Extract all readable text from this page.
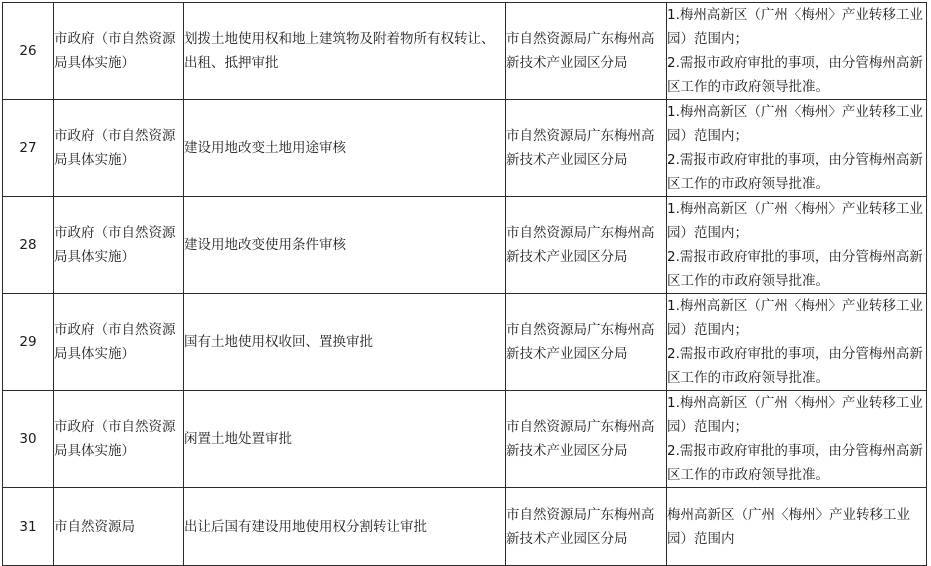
26	市政府（市自然资源局具体实施）	划拨土地使用权和地上建筑物及附着物所有权转让、出租、抵押审批	市自然资源局广东梅州高新技术产业园区分局	1.梅州高新区（广州〈梅州〉产业转移工业园）范围内；
2.需报市政府审批的事项，由分管梅州高新区工作的市政府领导批准。

27	市政府（市自然资源局具体实施）	建设用地改变土地用途审核	市自然资源局广东梅州高新技术产业园区分局	1.梅州高新区（广州〈梅州〉产业转移工业园）范围内；
2.需报市政府审批的事项，由分管梅州高新区工作的市政府领导批准。

28	市政府（市自然资源局具体实施）	建设用地改变使用条件审核	市自然资源局广东梅州高新技术产业园区分局	1.梅州高新区（广州〈梅州〉产业转移工业园）范围内；
2.需报市政府审批的事项，由分管梅州高新区工作的市政府领导批准。

29	市政府（市自然资源局具体实施）	国有土地使用权收回、置换审批	市自然资源局广东梅州高新技术产业园区分局	1.梅州高新区（广州〈梅州〉产业转移工业园）范围内；
2.需报市政府审批的事项，由分管梅州高新区工作的市政府领导批准。

30	市政府（市自然资源局具体实施）	闲置土地处置审批	市自然资源局广东梅州高新技术产业园区分局	1.梅州高新区（广州〈梅州〉产业转移工业园）范围内；
2.需报市政府审批的事项，由分管梅州高新区工作的市政府领导批准。

31	市自然资源局	出让后国有建设用地使用权分割转让审批	市自然资源局广东梅州高新技术产业园区分局	梅州高新区（广州〈梅州〉产业转移工业园）范围内
